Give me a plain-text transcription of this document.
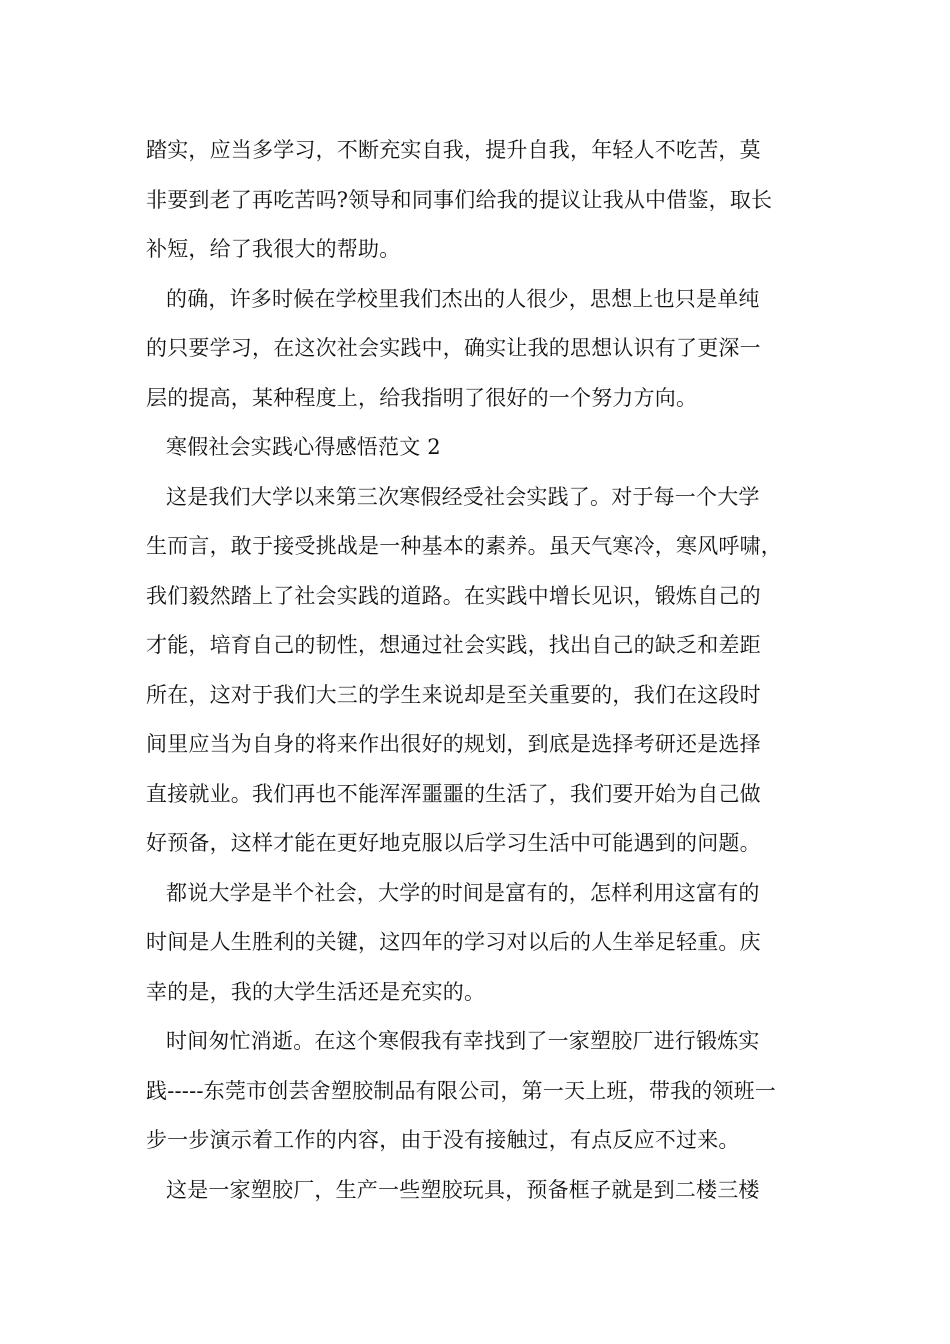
踏实，应当多学习，不断充实自我，提升自我，年轻人不吃苦，莫
非要到老了再吃苦吗?领导和同事们给我的提议让我从中借鉴，取长
补短，给了我很大的帮助。
的确，许多时候在学校里我们杰出的人很少，思想上也只是单纯
的只要学习，在这次社会实践中，确实让我的思想认识有了更深一
层的提高，某种程度上，给我指明了很好的一个努力方向。
寒假社会实践心得感悟范文 2
这是我们大学以来第三次寒假经受社会实践了。对于每一个大学
生而言，敢于接受挑战是一种基本的素养。虽天气寒冷，寒风呼啸，
我们毅然踏上了社会实践的道路。在实践中增长见识，锻炼自己的
才能，培育自己的韧性，想通过社会实践，找出自己的缺乏和差距
所在，这对于我们大三的学生来说却是至关重要的，我们在这段时
间里应当为自身的将来作出很好的规划，到底是选择考研还是选择
直接就业。我们再也不能浑浑噩噩的生活了，我们要开始为自己做
好预备，这样才能在更好地克服以后学习生活中可能遇到的问题。
都说大学是半个社会，大学的时间是富有的，怎样利用这富有的
时间是人生胜利的关键，这四年的学习对以后的人生举足轻重。庆
幸的是，我的大学生活还是充实的。
时间匆忙消逝。在这个寒假我有幸找到了一家塑胶厂进行锻炼实
践-----东莞市创芸舍塑胶制品有限公司，第一天上班，带我的领班一
步一步演示着工作的内容，由于没有接触过，有点反应不过来。
这是一家塑胶厂，生产一些塑胶玩具，预备框子就是到二楼三楼
